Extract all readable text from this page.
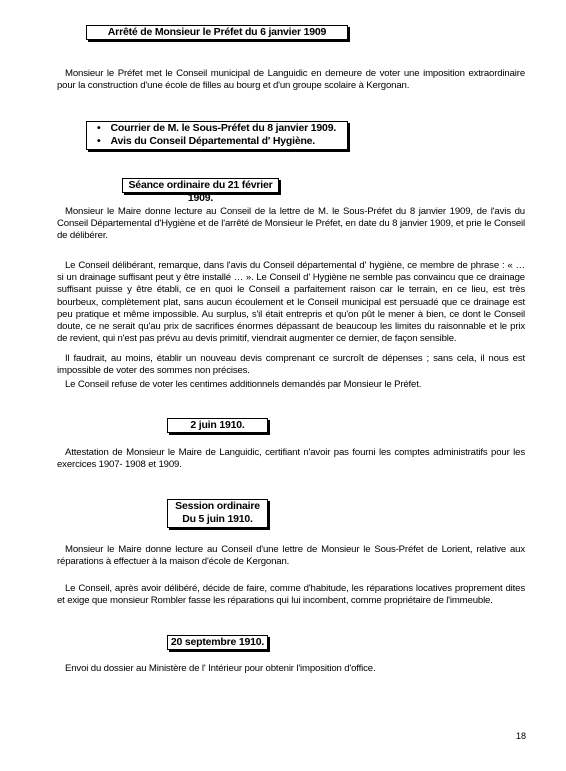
Arrêté de Monsieur le Préfet du 6 janvier 1909

Monsieur le Préfet met le Conseil municipal de Languidic en demeure de voter une imposition extraordinaire pour la construction d'une école de filles au bourg et d'un groupe scolaire à Kergonan.

• Courrier de M. le Sous-Préfet du 8 janvier 1909.
• Avis du Conseil Départemental d' Hygiène.
Séance ordinaire du 21 février 1909.

Monsieur le Maire donne lecture au Conseil de la lettre de M. le Sous-Préfet du 8 janvier 1909, de l'avis du Conseil Départemental d'Hygiène et de l'arrêté de Monsieur le Préfet, en date du 8 janvier 1909, et prie le Conseil de délibérer.

Le Conseil délibérant, remarque, dans l'avis du Conseil départemental d' hygiène, ce membre de phrase : « … si un drainage suffisant peut y être installé … ». Le Conseil d' Hygiène ne semble pas convaincu que ce drainage suffisant puisse y être établi, ce en quoi le Conseil a parfaitement raison car le terrain, en ce lieu, est très bourbeux, complètement plat, sans aucun écoulement et le Conseil municipal est persuadé que ce drainage est peu pratique et même impossible. Au surplus, s'il était entrepris et qu'on pût le mener à bien, ce dont le Conseil doute, ce ne serait qu'au prix de sacrifices énormes dépassant de beaucoup les limites du raisonnable et le prix de revient, qui n'est pas prévu au devis primitif, viendrait augmenter ce dernier, de façon sensible.

Il faudrait, au moins, établir un nouveau devis comprenant ce surcroît de dépenses ; sans cela, il nous est impossible de voter des sommes non précises.

Le Conseil refuse de voter les centimes additionnels demandés par Monsieur le Préfet.

2 juin 1910.

Attestation de Monsieur le Maire de Languidic, certifiant n'avoir pas fourni les comptes administratifs pour les exercices 1907- 1908 et 1909.

Session ordinaire
Du 5 juin 1910.

Monsieur le Maire donne lecture au Conseil d'une lettre de Monsieur le Sous-Préfet de Lorient, relative aux réparations à effectuer à la maison d'école de Kergonan.

Le Conseil, après avoir délibéré, décide de faire, comme d'habitude, les réparations locatives proprement dites et exige que monsieur Rombler fasse les réparations qui lui incombent, comme propriétaire de l'immeuble.

20 septembre 1910.

Envoi du dossier au Ministère de l' Intérieur pour obtenir l'imposition d'office.

18
